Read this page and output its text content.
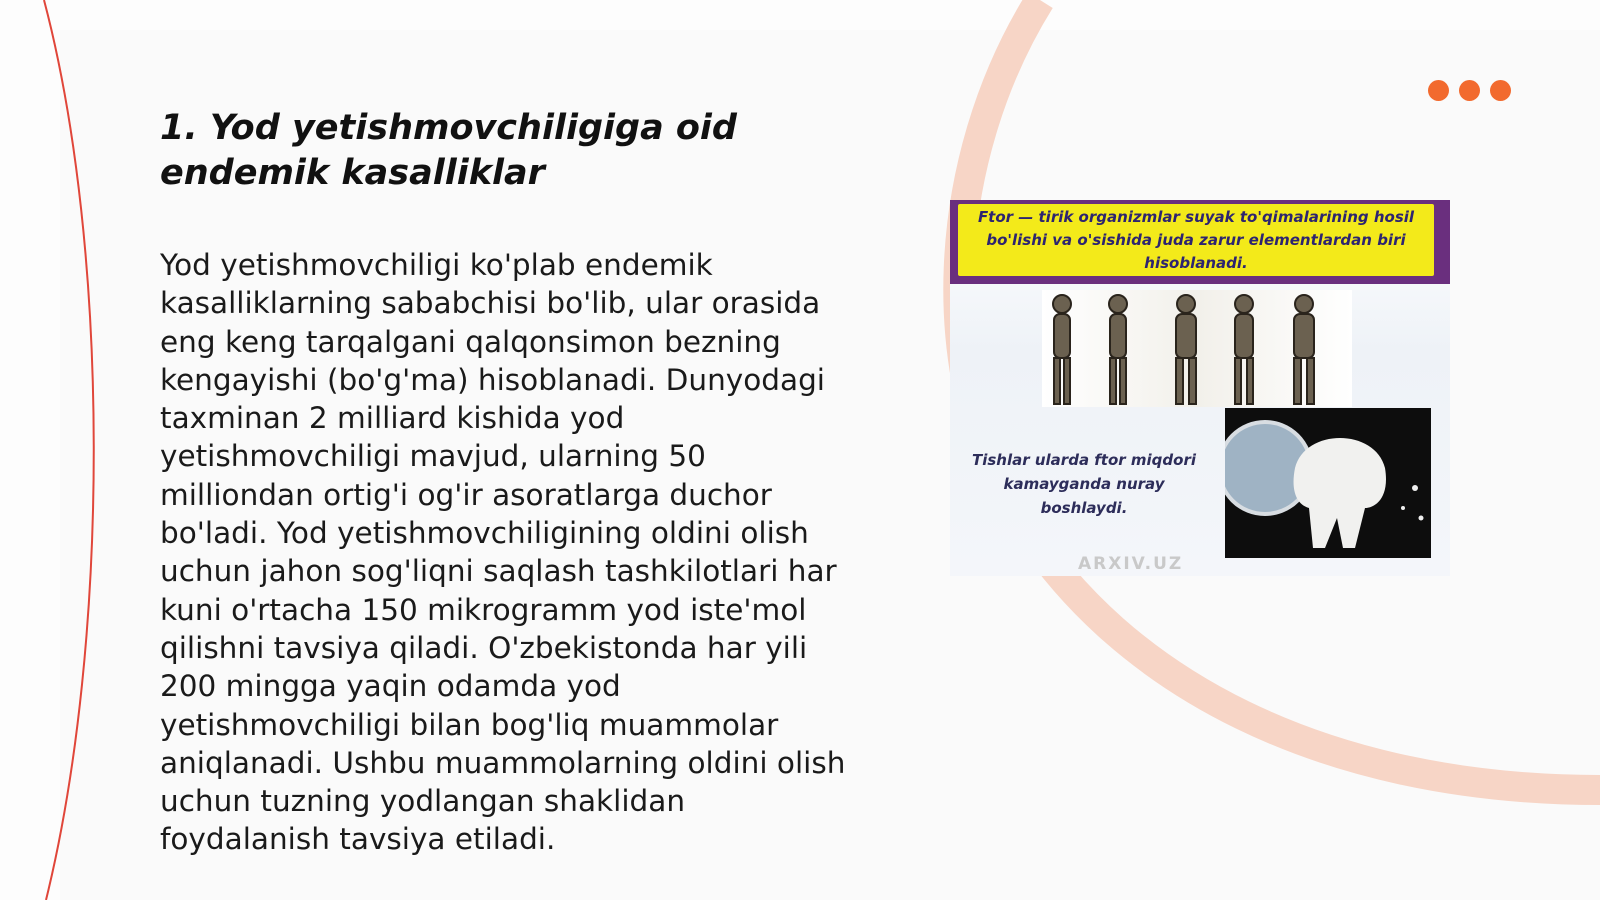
1. Yod yetishmovchiligiga oid endemik kasalliklar

Yod yetishmovchiligi ko'plab endemik kasalliklarning sababchisi bo'lib, ular orasida eng keng tarqalgani qalqonsimon bezning kengayishi (bo'g'ma) hisoblanadi. Dunyodagi taxminan 2 milliard kishida yod yetishmovchiligi mavjud, ularning 50 milliondan ortig'i og'ir asoratlarga duchor bo'ladi. Yod yetishmovchiligining oldini olish uchun jahon sog'liqni saqlash tashkilotlari har kuni o'rtacha 150 mikrogramm yod iste'mol qilishni tavsiya qiladi. O'zbekistonda har yili 200 mingga yaqin odamda yod yetishmovchiligi bilan bog'liq muammolar aniqlanadi. Ushbu muammolarning oldini olish uchun tuzning yodlangan shaklidan foydalanish tavsiya etiladi.

Ftor — tirik organizmlar suyak to'qimalarining hosil bo'lishi va o'sishida juda zarur elementlardan biri hisoblanadi.
Tishlar ularda ftor miqdori kamayganda nuray boshlaydi.
ARXIV.UZ
